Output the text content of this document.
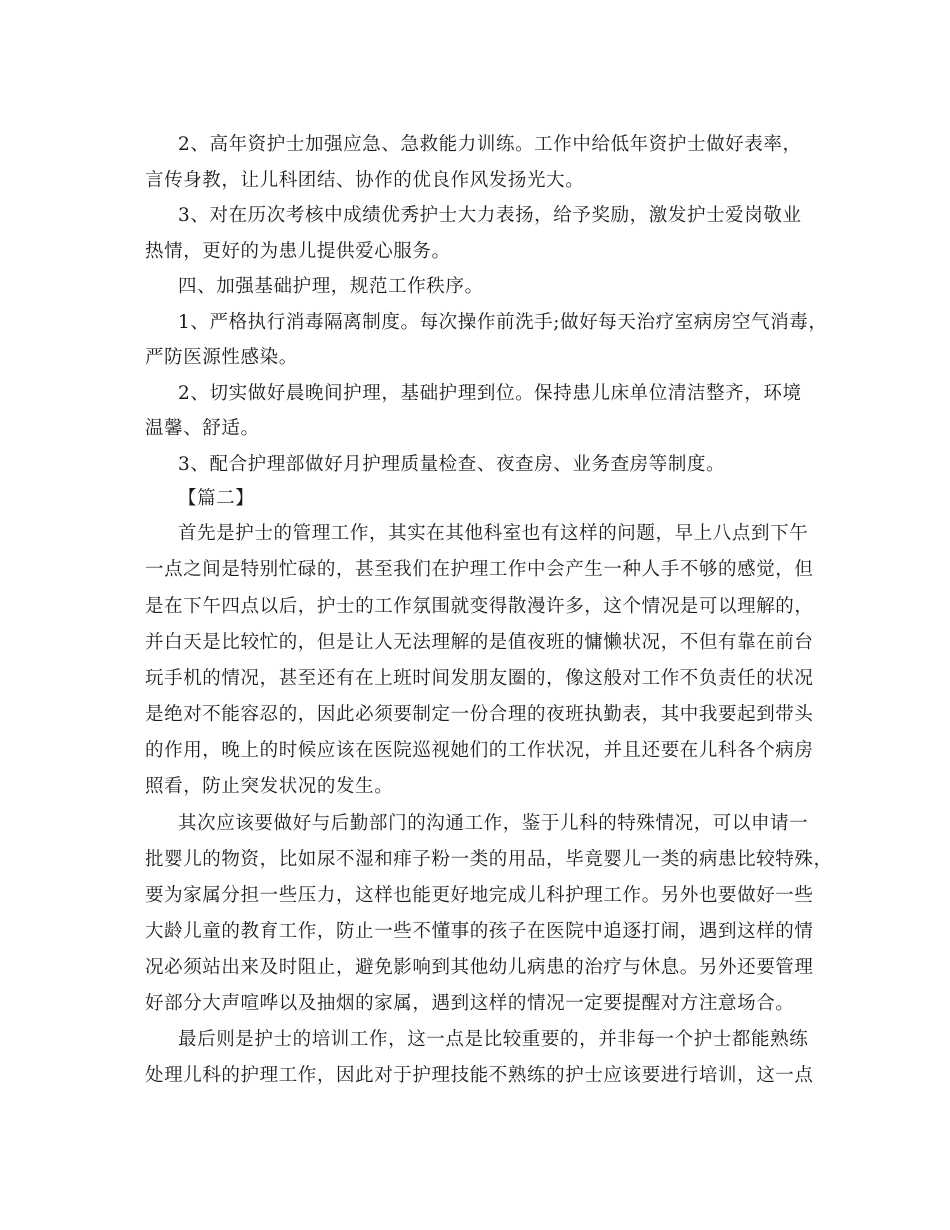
2、高年资护士加强应急、急救能力训练。工作中给低年资护士做好表率，
言传身教，让儿科团结、协作的优良作风发扬光大。
3、对在历次考核中成绩优秀护士大力表扬，给予奖励，激发护士爱岗敬业
热情，更好的为患儿提供爱心服务。
四、加强基础护理，规范工作秩序。
1、严格执行消毒隔离制度。每次操作前洗手;做好每天治疗室病房空气消毒，
严防医源性感染。
2、切实做好晨晚间护理，基础护理到位。保持患儿床单位清洁整齐，环境
温馨、舒适。
3、配合护理部做好月护理质量检查、夜查房、业务查房等制度。
【篇二】
首先是护士的管理工作，其实在其他科室也有这样的问题，早上八点到下午
一点之间是特别忙碌的，甚至我们在护理工作中会产生一种人手不够的感觉，但
是在下午四点以后，护士的工作氛围就变得散漫许多，这个情况是可以理解的，
并白天是比较忙的，但是让人无法理解的是值夜班的慵懒状况，不但有靠在前台
玩手机的情况，甚至还有在上班时间发朋友圈的，像这般对工作不负责任的状况
是绝对不能容忍的，因此必须要制定一份合理的夜班执勤表，其中我要起到带头
的作用，晚上的时候应该在医院巡视她们的工作状况，并且还要在儿科各个病房
照看，防止突发状况的发生。
其次应该要做好与后勤部门的沟通工作，鉴于儿科的特殊情况，可以申请一
批婴儿的物资，比如尿不湿和痱子粉一类的用品，毕竟婴儿一类的病患比较特殊，
要为家属分担一些压力，这样也能更好地完成儿科护理工作。另外也要做好一些
大龄儿童的教育工作，防止一些不懂事的孩子在医院中追逐打闹，遇到这样的情
况必须站出来及时阻止，避免影响到其他幼儿病患的治疗与休息。另外还要管理
好部分大声喧哗以及抽烟的家属，遇到这样的情况一定要提醒对方注意场合。
最后则是护士的培训工作，这一点是比较重要的，并非每一个护士都能熟练
处理儿科的护理工作，因此对于护理技能不熟练的护士应该要进行培训，这一点
